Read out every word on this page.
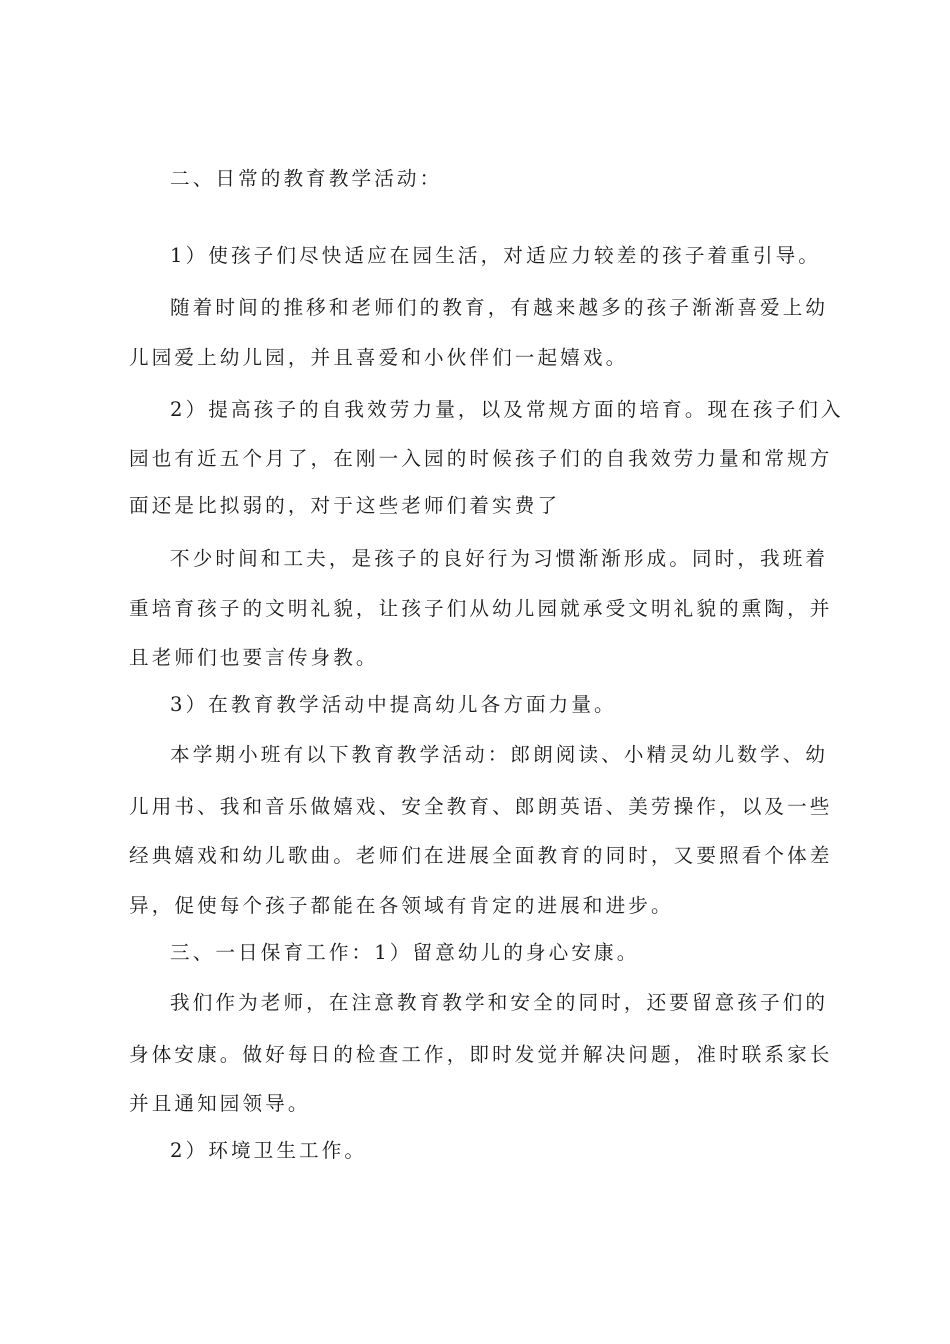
二、日常的教育教学活动：
1）使孩子们尽快适应在园生活，对适应力较差的孩子着重引导。
随着时间的推移和老师们的教育，有越来越多的孩子渐渐喜爱上幼
儿园爱上幼儿园，并且喜爱和小伙伴们一起嬉戏。
2）提高孩子的自我效劳力量，以及常规方面的培育。现在孩子们入
园也有近五个月了，在刚一入园的时候孩子们的自我效劳力量和常规方
面还是比拟弱的，对于这些老师们着实费了
不少时间和工夫，是孩子的良好行为习惯渐渐形成。同时，我班着
重培育孩子的文明礼貌，让孩子们从幼儿园就承受文明礼貌的熏陶，并
且老师们也要言传身教。
3）在教育教学活动中提高幼儿各方面力量。
本学期小班有以下教育教学活动：郎朗阅读、小精灵幼儿数学、幼
儿用书、我和音乐做嬉戏、安全教育、郎朗英语、美劳操作，以及一些
经典嬉戏和幼儿歌曲。老师们在进展全面教育的同时，又要照看个体差
异，促使每个孩子都能在各领域有肯定的进展和进步。
三、一日保育工作：1）留意幼儿的身心安康。
我们作为老师，在注意教育教学和安全的同时，还要留意孩子们的
身体安康。做好每日的检查工作，即时发觉并解决问题，准时联系家长
并且通知园领导。
2）环境卫生工作。
